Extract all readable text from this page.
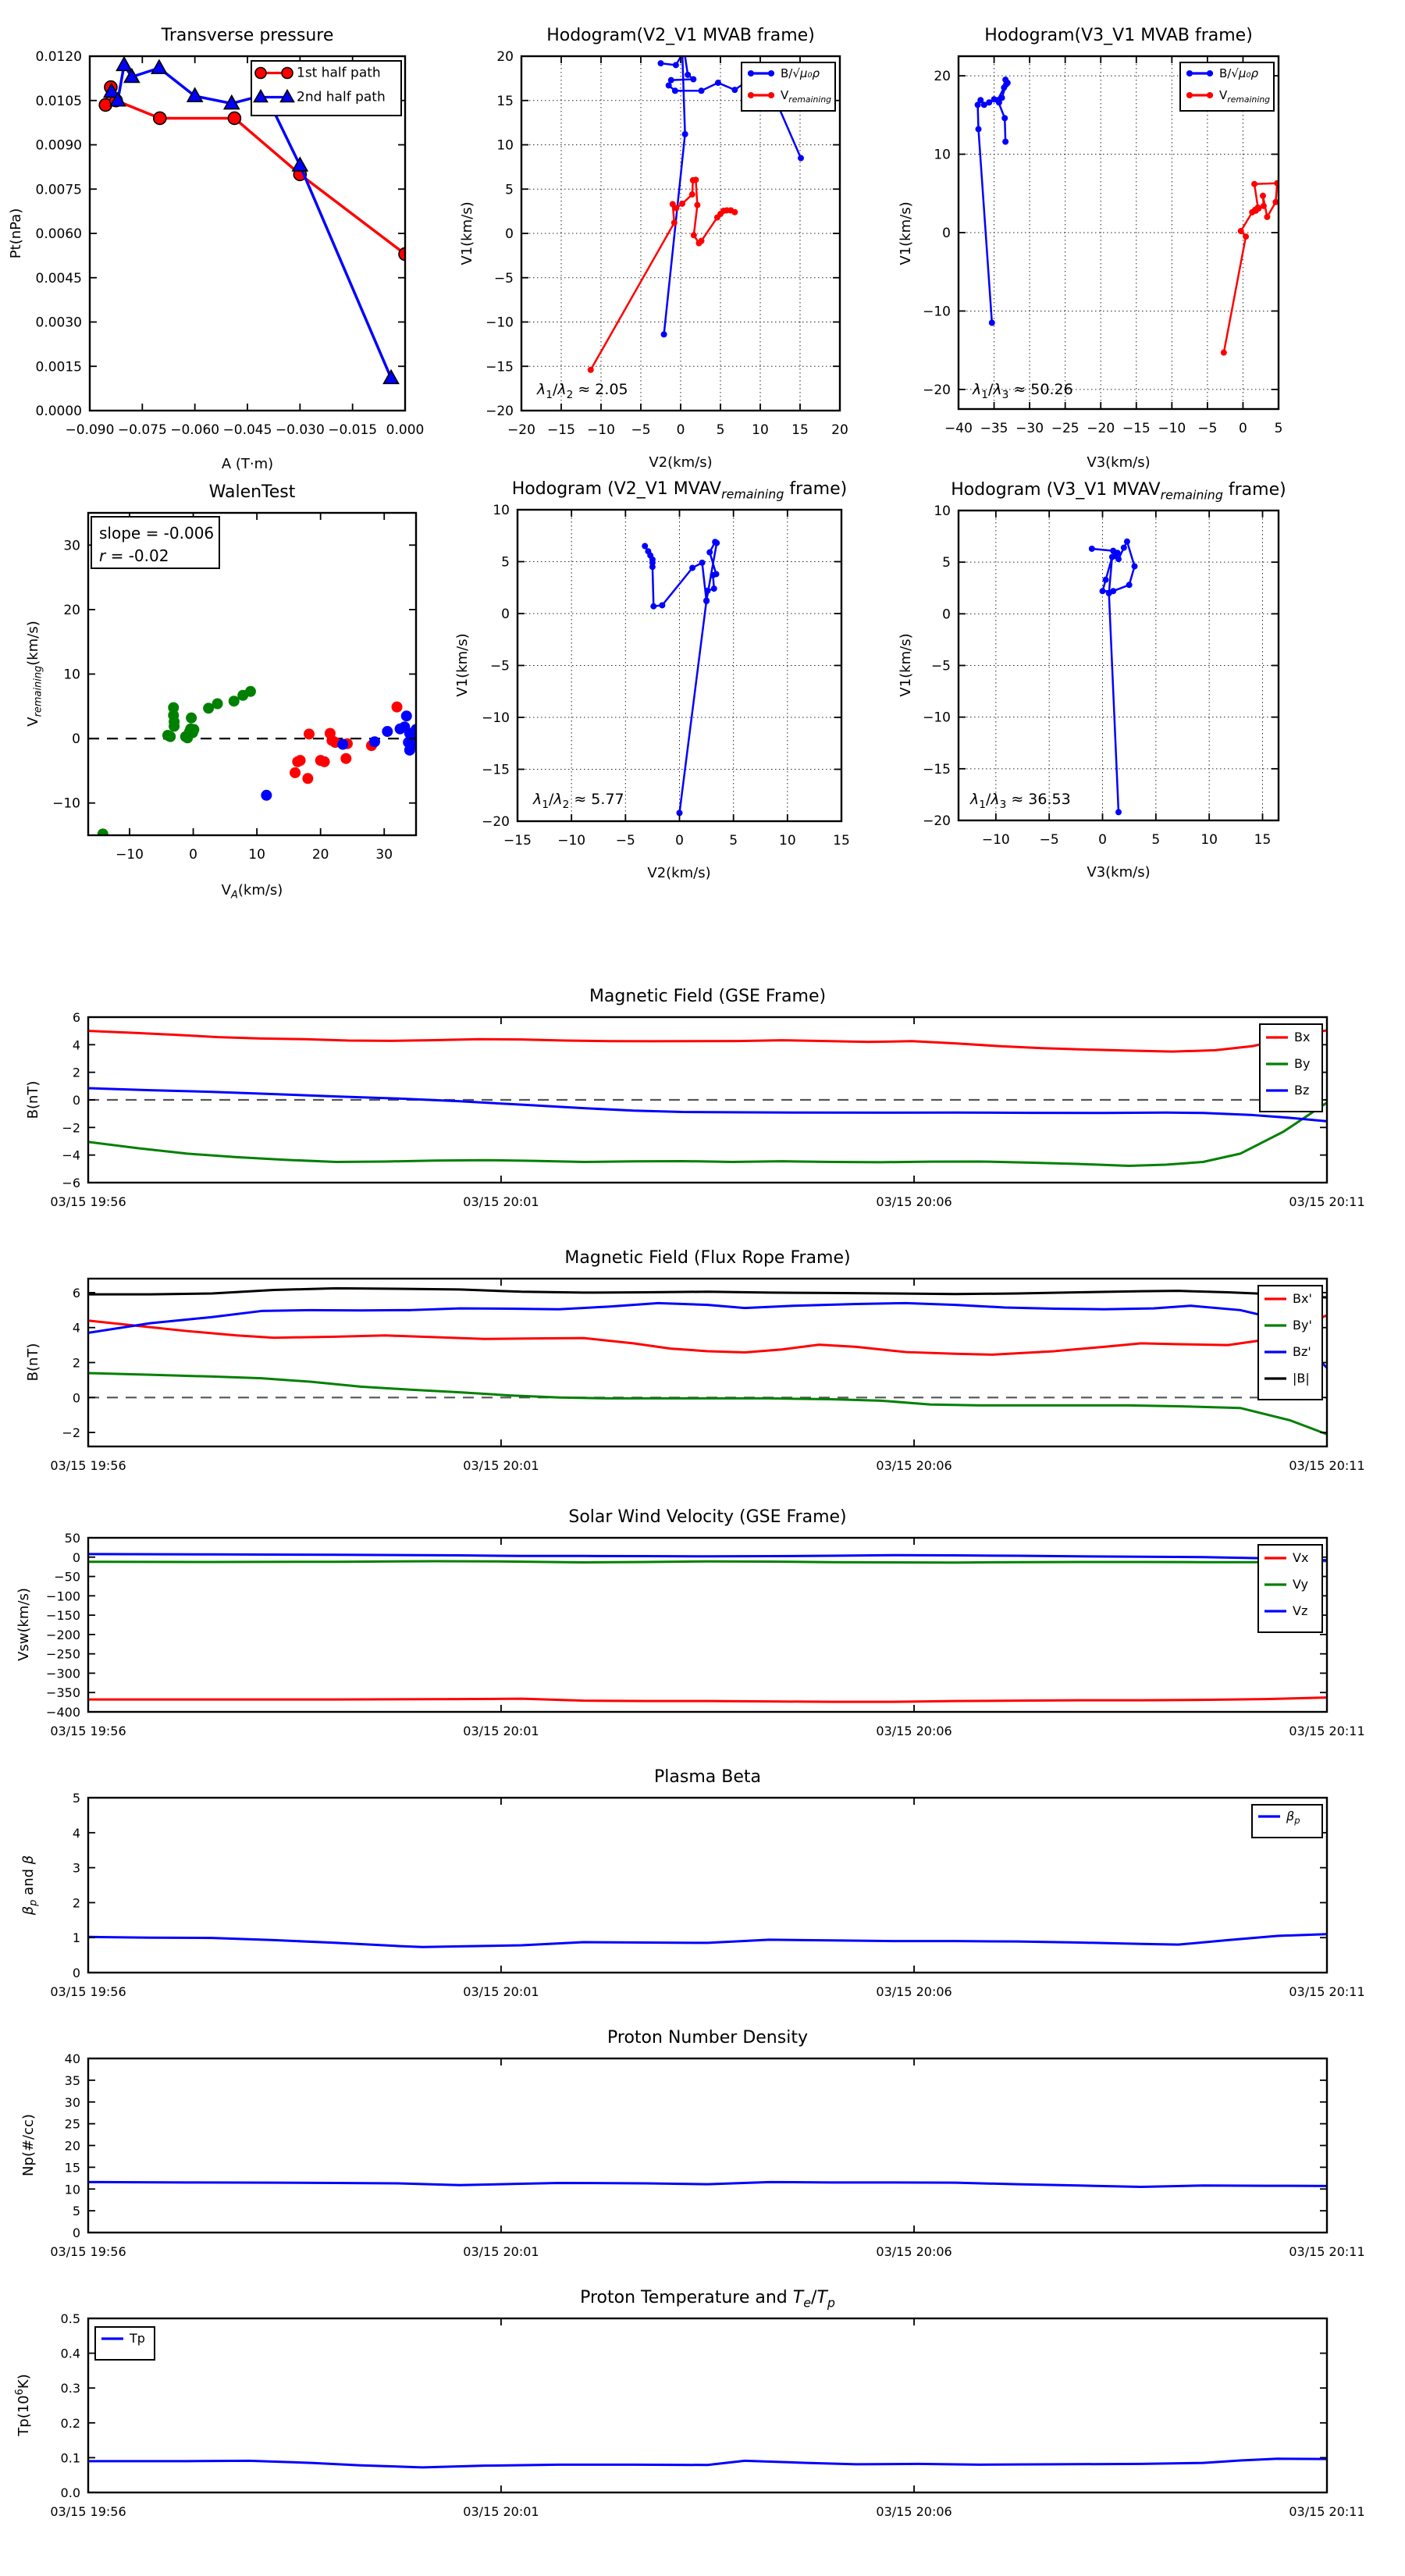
−0.090 −0.075 −0.060 −0.045 −0.030 −0.015 0.000
0.0000
0.0015
0.0030
0.0045
0.0060
0.0075
0.0090
0.0105
0.0120
Transverse pressure
A (T·m)
Pt(nPa)
1st half path
2nd half path
−20 −15 −10 −5 0 5 10 15 20
−20
−15
−10
−5
0
5
10
15
20
Hodogram(V2_V1 MVAB frame)
V2(km/s)
V1(km/s)
$\lambda_1/\lambda_2 \approx 2.05$
B/√μ₀ρ
$V_{remaining}$
−40 −35 −30 −25 −20 −15 −10 −5 0 5
−20
−10
0
10
20
Hodogram(V3_V1 MVAB frame)
V3(km/s)
V1(km/s)
$\lambda_1/\lambda_3 \approx 50.26$
B/√μ₀ρ
$V_{remaining}$
−10	0	10	20	30
−10
0
10
20
30
WalenTest
$V_A(km/s)$
$V_{remaining}(km/s)$
slope = -0.006
r = -0.02
−15 −10 −5	0	5	10	15
−20
−15
−10
−5
0
5
10
Hodogram (V2_V1 $MVAV_{remaining}$ frame)
V2(km/s)
V1(km/s)
$\lambda_1/\lambda_2 \approx 5.77$
−10 −5	0	5	10	15
−20
−15
−10
−5
0
5
10
Hodogram (V3_V1 $MVAV_{remaining}$ frame)
V3(km/s)
V1(km/s)
$\lambda_1/\lambda_3 \approx 36.53$
03/15 19:56	03/15 20:01	03/15 20:06	03/15 20:11
−6
−4
−2
0
2
4
6
Magnetic Field (GSE Frame)
B(nT)
Bx
By
Bz
03/15 19:56	03/15 20:01	03/15 20:06	03/15 20:11
−2
0
2
4
6
Magnetic Field (Flux Rope Frame)
B(nT)
Bx'
By'
Bz'
|B|
03/15 19:56	03/15 20:01	03/15 20:06	03/15 20:11
−400
−350
−300
−250
−200
−150
−100
−50
0
50
Solar Wind Velocity (GSE Frame)
Vsw(km/s)
Vx
Vy
Vz
03/15 19:56	03/15 20:01	03/15 20:06	03/15 20:11
0
1
2
3
4
5
Plasma Beta
$\beta_p$ and β
$\beta_p$
03/15 19:56	03/15 20:01	03/15 20:06	03/15 20:11
0
5
10
15
20
25
30
35
40
Proton Number Density
Np(#/cc)
03/15 19:56	03/15 20:01	03/15 20:06	03/15 20:11
0.0
0.1
0.2
0.3
0.4
0.5
Proton Temperature and $T_e/T_p$
$Tp(10^6K)$
Tp
